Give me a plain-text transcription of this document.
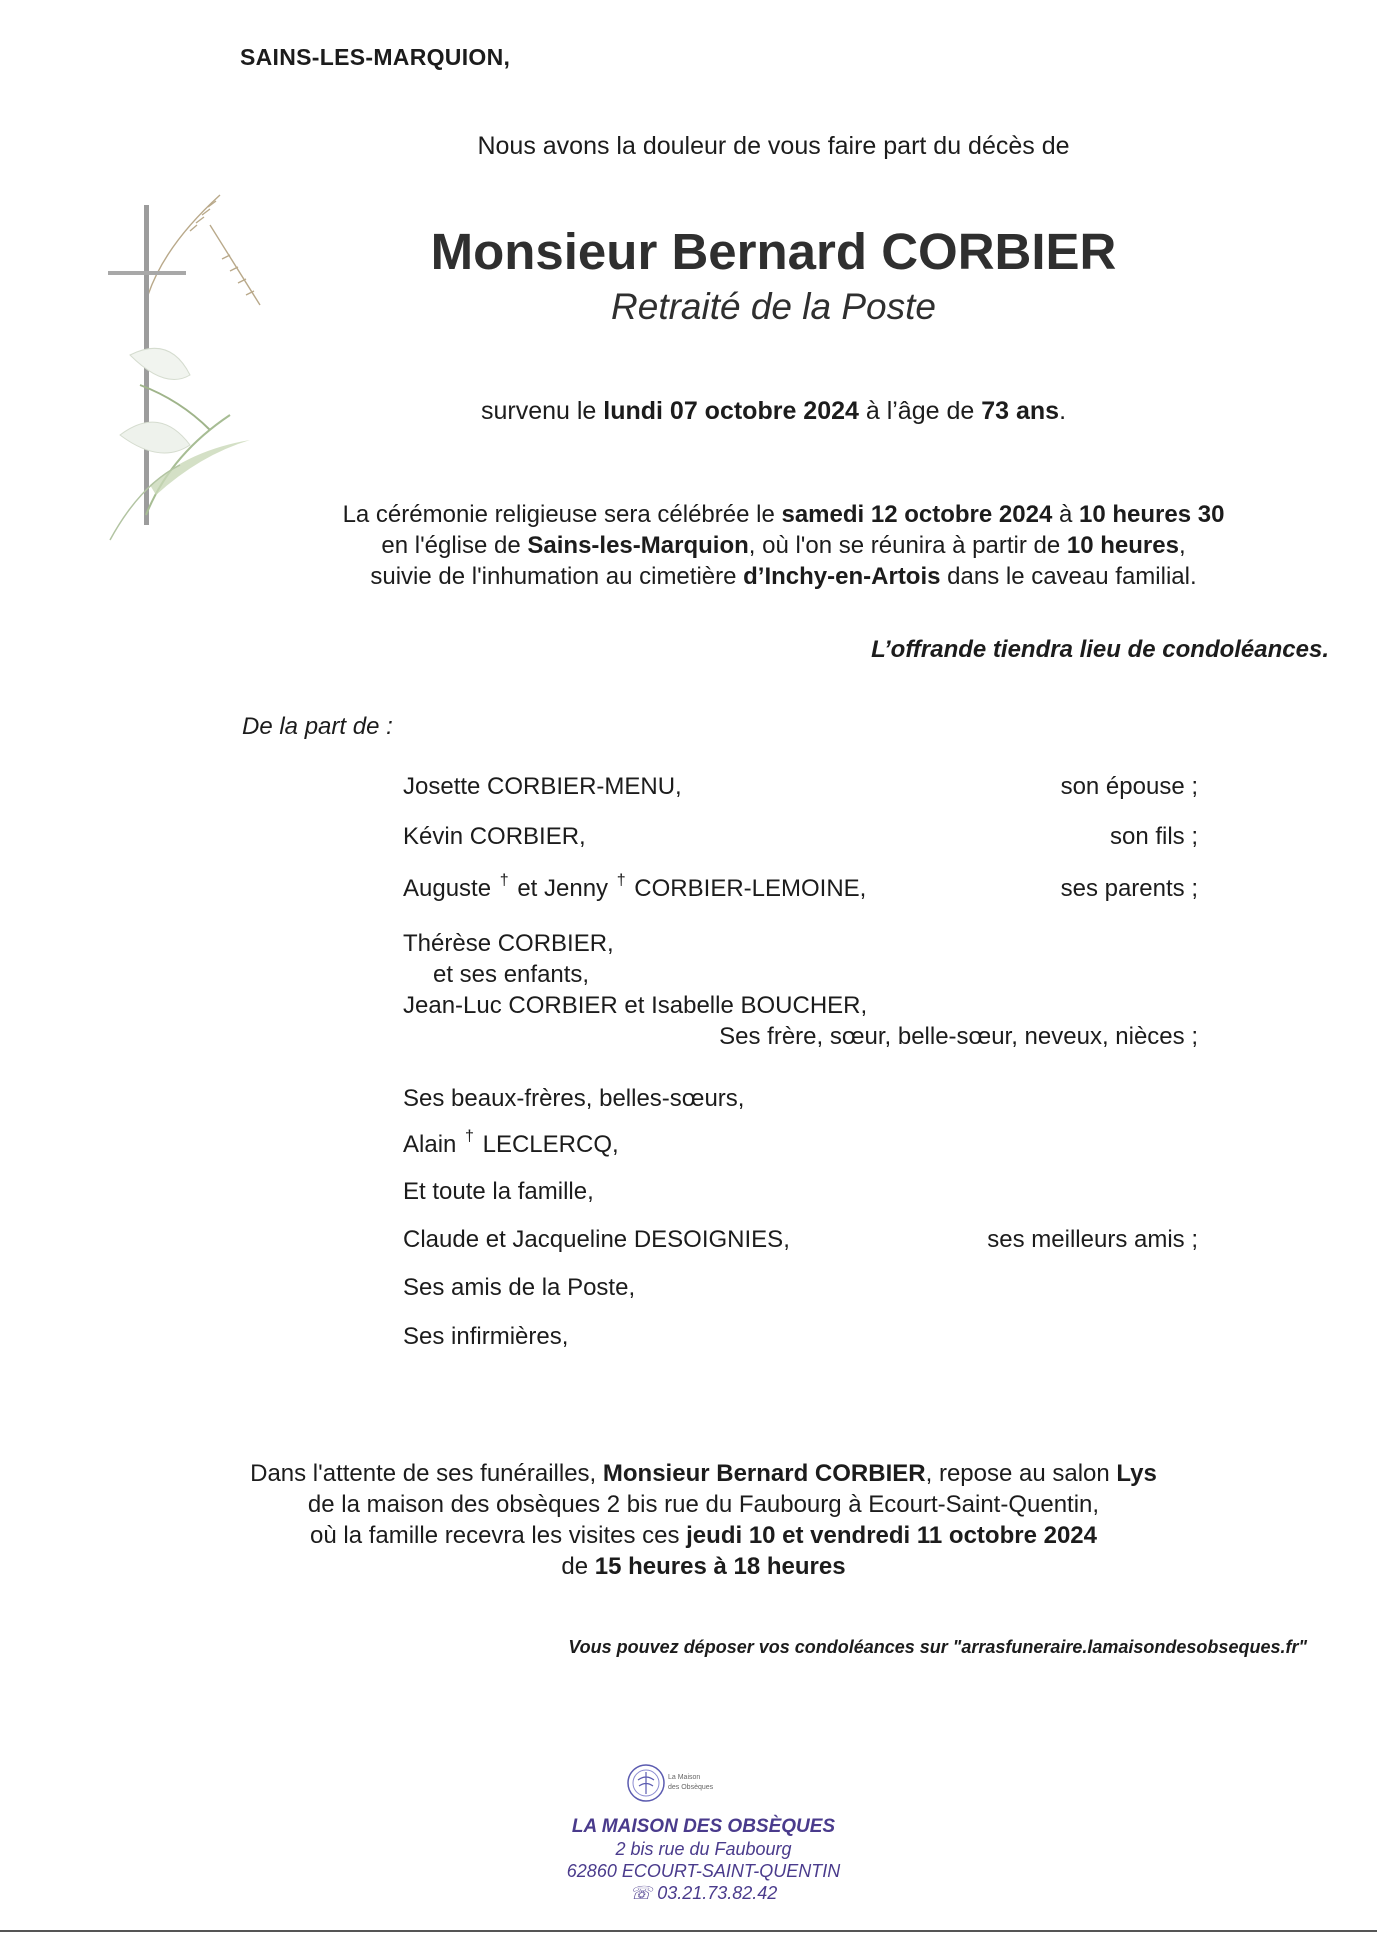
SAINS-LES-MARQUION,
Nous avons la douleur de vous faire part du décès de
Monsieur Bernard CORBIER
Retraité de la Poste
survenu le lundi 07 octobre 2024 à l’âge de 73 ans.
La cérémonie religieuse sera célébrée le samedi 12 octobre 2024 à 10 heures 30
en l'église de Sains-les-Marquion, où l'on se réunira à partir de 10 heures,
suivie de l'inhumation au cimetière d’Inchy-en-Artois dans le caveau familial.
L’offrande tiendra lieu de condoléances.
De la part de :
Josette CORBIER-MENU,	son épouse ;
Kévin CORBIER,	son fils ;
Auguste † et Jenny † CORBIER-LEMOINE,	ses parents ;
Thérèse CORBIER,
et ses enfants,
Jean-Luc CORBIER et Isabelle BOUCHER,
Ses frère, sœur, belle-sœur, neveux, nièces ;
Ses beaux-frères, belles-sœurs,
Alain † LECLERCQ,
Et toute la famille,
Claude et Jacqueline DESOIGNIES,	ses meilleurs amis ;
Ses amis de la Poste,
Ses infirmières,
Dans l'attente de ses funérailles, Monsieur Bernard CORBIER, repose au salon Lys
de la maison des obsèques 2 bis rue du Faubourg à Ecourt-Saint-Quentin,
où la famille recevra les visites ces jeudi 10 et vendredi 11 octobre 2024
de 15 heures à 18 heures
Vous pouvez déposer vos condoléances sur "arrasfuneraire.lamaisondesobseques.fr"
La Maison
des Obsèques
LA MAISON DES OBSÈQUES
2 bis rue du Faubourg
62860 ECOURT-SAINT-QUENTIN
☏ 03.21.73.82.42
